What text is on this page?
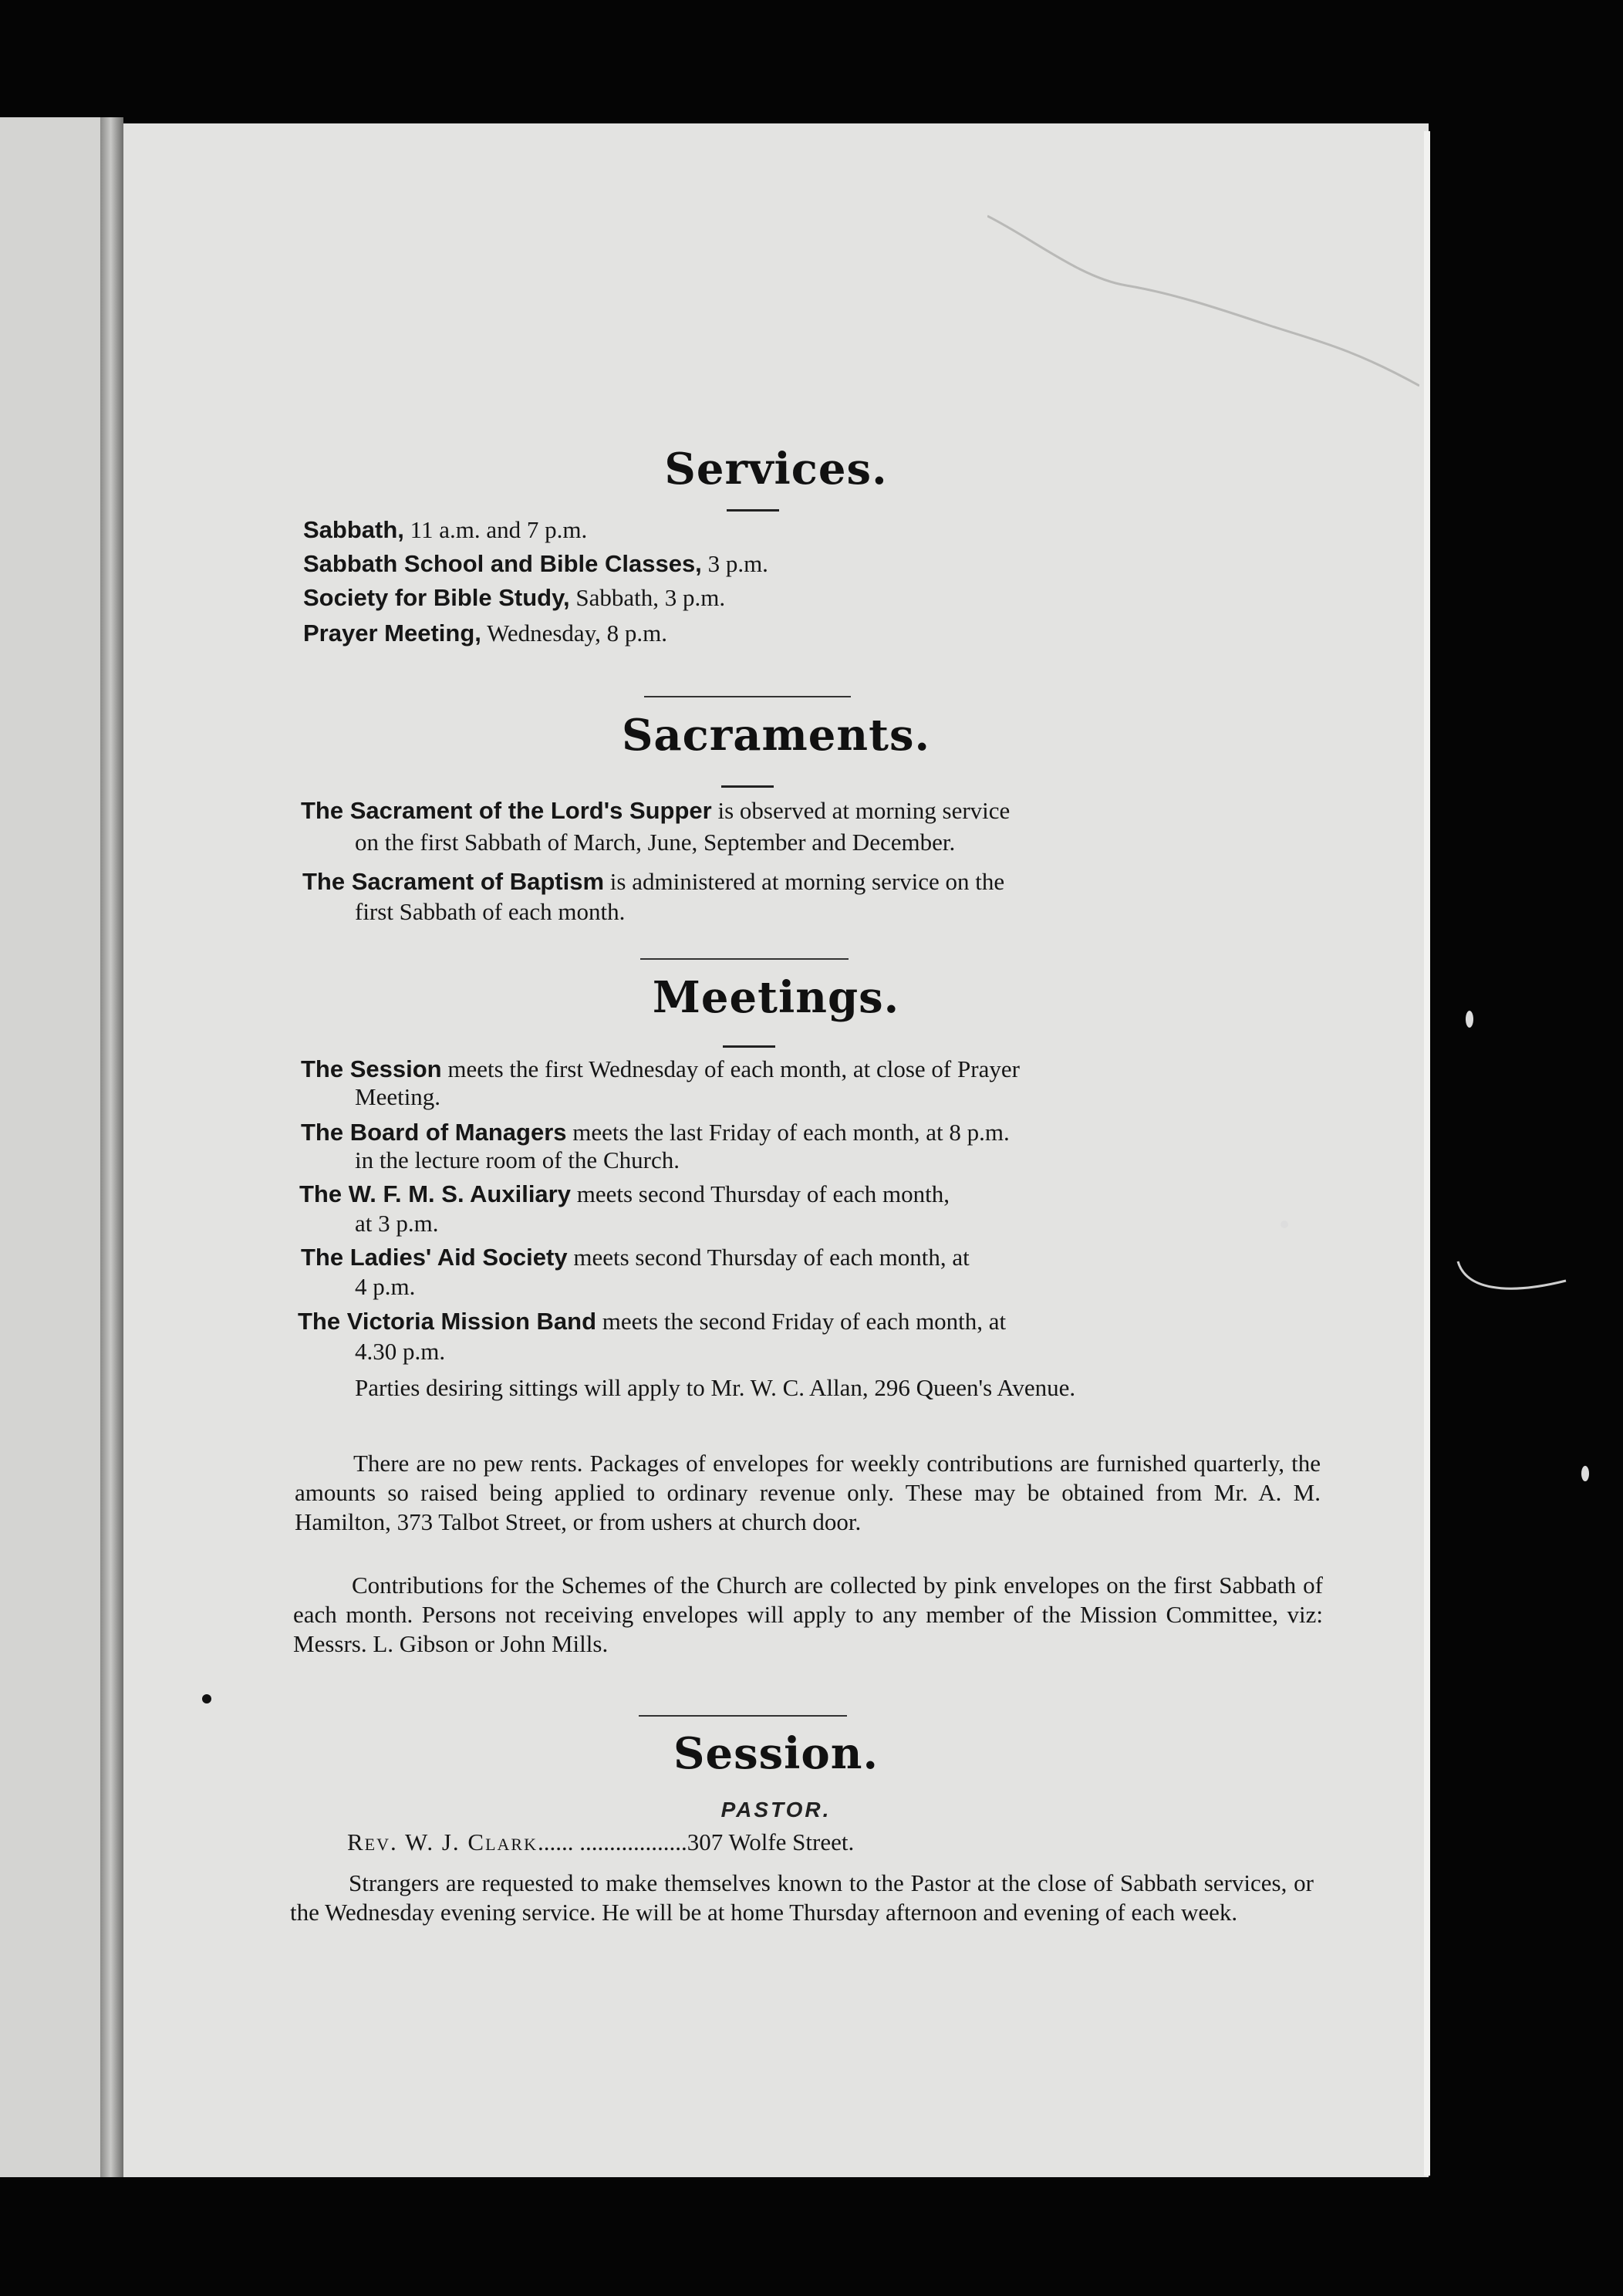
Services.
Sabbath, 11 a.m. and 7 p.m.
Sabbath School and Bible Classes, 3 p.m.
Society for Bible Study, Sabbath, 3 p.m.
Prayer Meeting, Wednesday, 8 p.m.
Sacraments.
The Sacrament of the Lord's Supper is observed at morning service
on the first Sabbath of March, June, September and December.
The Sacrament of Baptism is administered at morning service on the
first Sabbath of each month.
Meetings.
The Session meets the first Wednesday of each month, at close of Prayer
Meeting.
The Board of Managers meets the last Friday of each month, at 8 p.m.
in the lecture room of the Church.
The W. F. M. S. Auxiliary meets second Thursday of each month,
at 3 p.m.
The Ladies' Aid Society meets second Thursday of each month, at
4 p.m.
The Victoria Mission Band meets the second Friday of each month, at
4.30 p.m.
Parties desiring sittings will apply to Mr. W. C. Allan, 296 Queen's Avenue.
There are no pew rents. Packages of envelopes for weekly contributions are furnished quarterly, the amounts so raised being applied to ordinary revenue only. These may be obtained from Mr. A. M. Hamilton, 373 Talbot Street, or from ushers at church door.
Contributions for the Schemes of the Church are collected by pink envelopes on the first Sabbath of each month. Persons not receiving envelopes will apply to any member of the Mission Committee, viz: Messrs. L. Gibson or John Mills.
Session.
PASTOR.
Rev. W. J. Clark...... ..................307 Wolfe Street.
Strangers are requested to make themselves known to the Pastor at the close of Sabbath services, or the Wednesday evening service. He will be at home Thursday afternoon and evening of each week.
